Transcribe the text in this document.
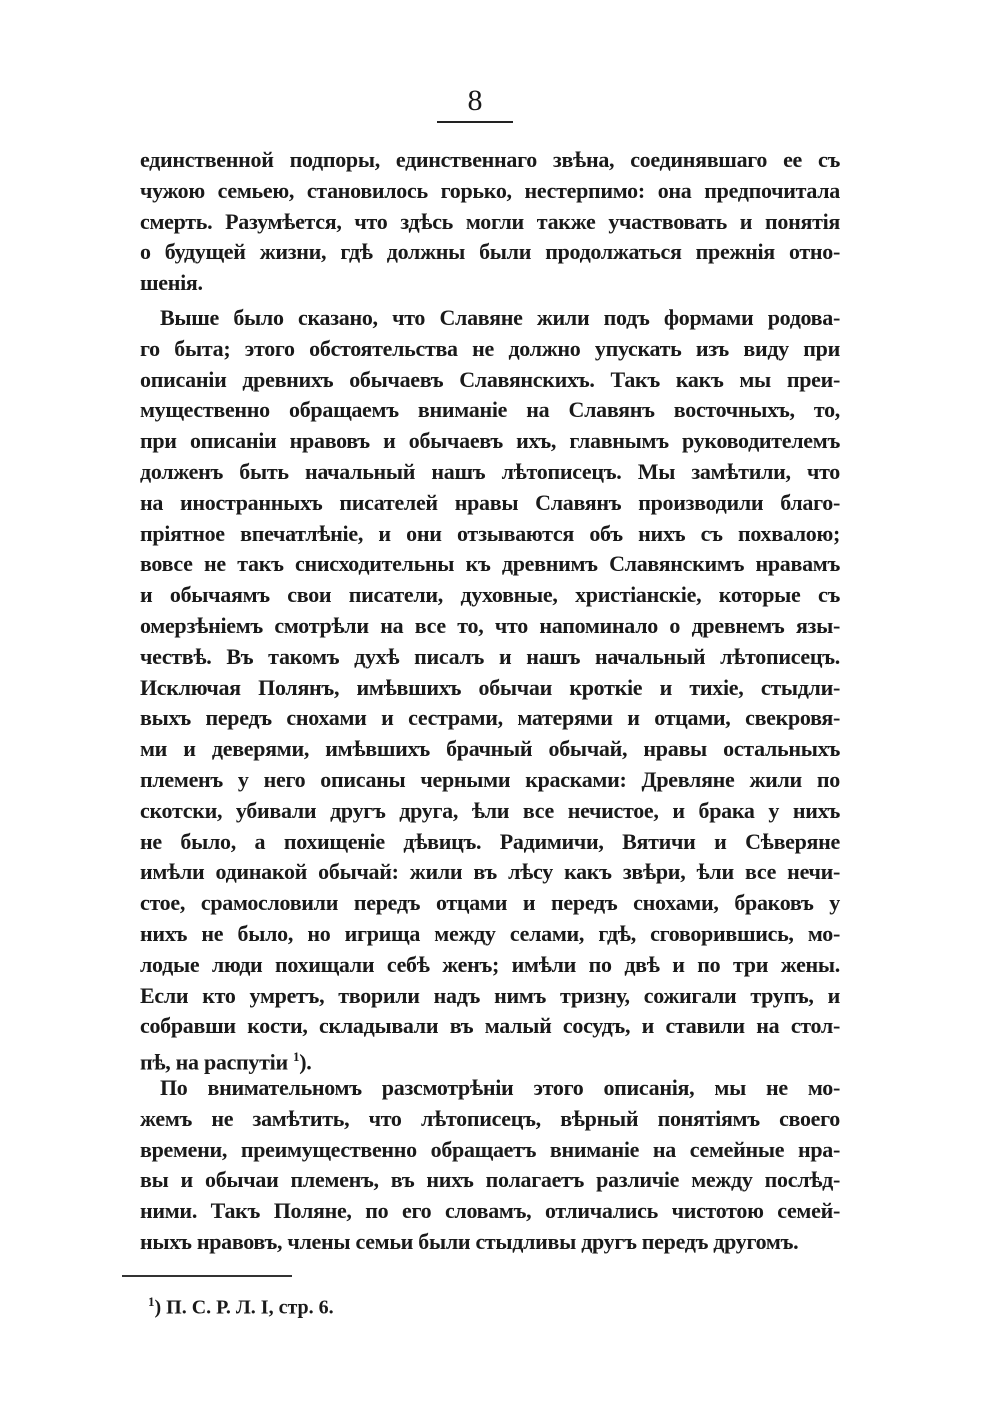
8
единственной подпоры, единственнаго звѣна, соединявшаго ее съ
чужою семьею, становилось горько, нестерпимо: она предпочитала
смерть. Разумѣется, что здѣсь могли также участвовать и понятія
о будущей жизни, гдѣ должны были продолжаться прежнія отно-
шенія.
Выше было сказано, что Славяне жили подъ формами родова-
го быта; этого обстоятельства не должно упускать изъ виду при
описаніи древнихъ обычаевъ Славянскихъ. Такъ какъ мы преи-
мущественно обращаемъ вниманіе на Славянъ восточныхъ, то,
при описаніи нравовъ и обычаевъ ихъ, главнымъ руководителемъ
долженъ быть начальный нашъ лѣтописецъ. Мы замѣтили, что
на иностранныхъ писателей нравы Славянъ производили благо-
пріятное впечатлѣніе, и они отзываются объ нихъ съ похвалою;
вовсе не такъ снисходительны къ древнимъ Славянскимъ нравамъ
и обычаямъ свои писатели, духовные, христіанскіе, которые съ
омерзѣніемъ смотрѣли на все то, что напоминало о древнемъ язы-
чествѣ. Въ такомъ духѣ писалъ и нашъ начальный лѣтописецъ.
Исключая Полянъ, имѣвшихъ обычаи кроткіе и тихіе, стыдли-
выхъ передъ снохами и сестрами, матерями и отцами, свекровя-
ми и деверями, имѣвшихъ брачный обычай, нравы остальныхъ
племенъ у него описаны черными красками: Древляне жили по
скотски, убивали другъ друга, ѣли все нечистое, и брака у нихъ
не было, а похищеніе дѣвицъ. Радимичи, Вятичи и Сѣверяне
имѣли одинакой обычай: жили въ лѣсу какъ звѣри, ѣли все нечи-
стое, срамословили передъ отцами и передъ снохами, браковъ у
нихъ не было, но игрища между селами, гдѣ, сговорившись, мо-
лодые люди похищали себѣ женъ; имѣли по двѣ и по три жены.
Если кто умретъ, творили надъ нимъ тризну, сожигали трупъ, и
собравши кости, складывали въ малый сосудъ, и ставили на стол-
пѣ, на распутіи $^1$).
По внимательномъ разсмотрѣніи этого описанія, мы не мо-
жемъ не замѣтить, что лѣтописецъ, вѣрный понятіямъ своего
времени, преимущественно обращаетъ вниманіе на семейные нра-
вы и обычаи племенъ, въ нихъ полагаетъ различіе между послѣд-
ними. Такъ Поляне, по его словамъ, отличались чистотою семей-
ныхъ нравовъ, члены семьи были стыдливы другъ передъ другомъ.
$^1$) П. С. Р. Л. І, стр. 6.
